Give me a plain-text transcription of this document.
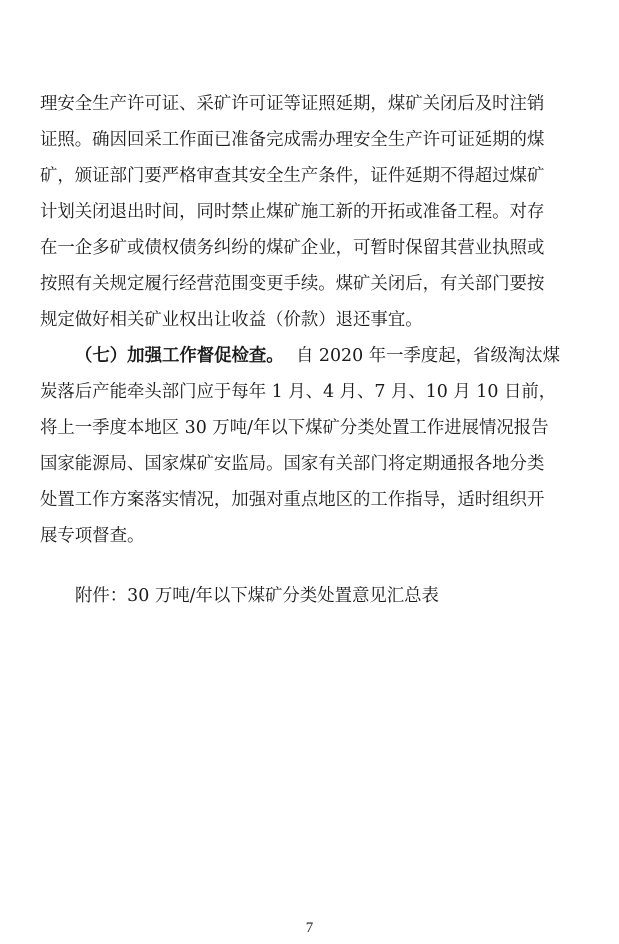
理安全生产许可证、采矿许可证等证照延期，煤矿关闭后及时注销
证照。确因回采工作面已准备完成需办理安全生产许可证延期的煤
矿，颁证部门要严格审查其安全生产条件，证件延期不得超过煤矿
计划关闭退出时间，同时禁止煤矿施工新的开拓或准备工程。对存
在一企多矿或债权债务纠纷的煤矿企业，可暂时保留其营业执照或
按照有关规定履行经营范围变更手续。煤矿关闭后，有关部门要按
规定做好相关矿业权出让收益（价款）退还事宜。
（七）加强工作督促检查。 自 2020 年一季度起，省级淘汰煤
炭落后产能牵头部门应于每年 1 月、4 月、7 月、10 月 10 日前，
将上一季度本地区 30 万吨/年以下煤矿分类处置工作进展情况报告
国家能源局、国家煤矿安监局。国家有关部门将定期通报各地分类
处置工作方案落实情况，加强对重点地区的工作指导，适时组织开
展专项督查。
附件：30 万吨/年以下煤矿分类处置意见汇总表
7
